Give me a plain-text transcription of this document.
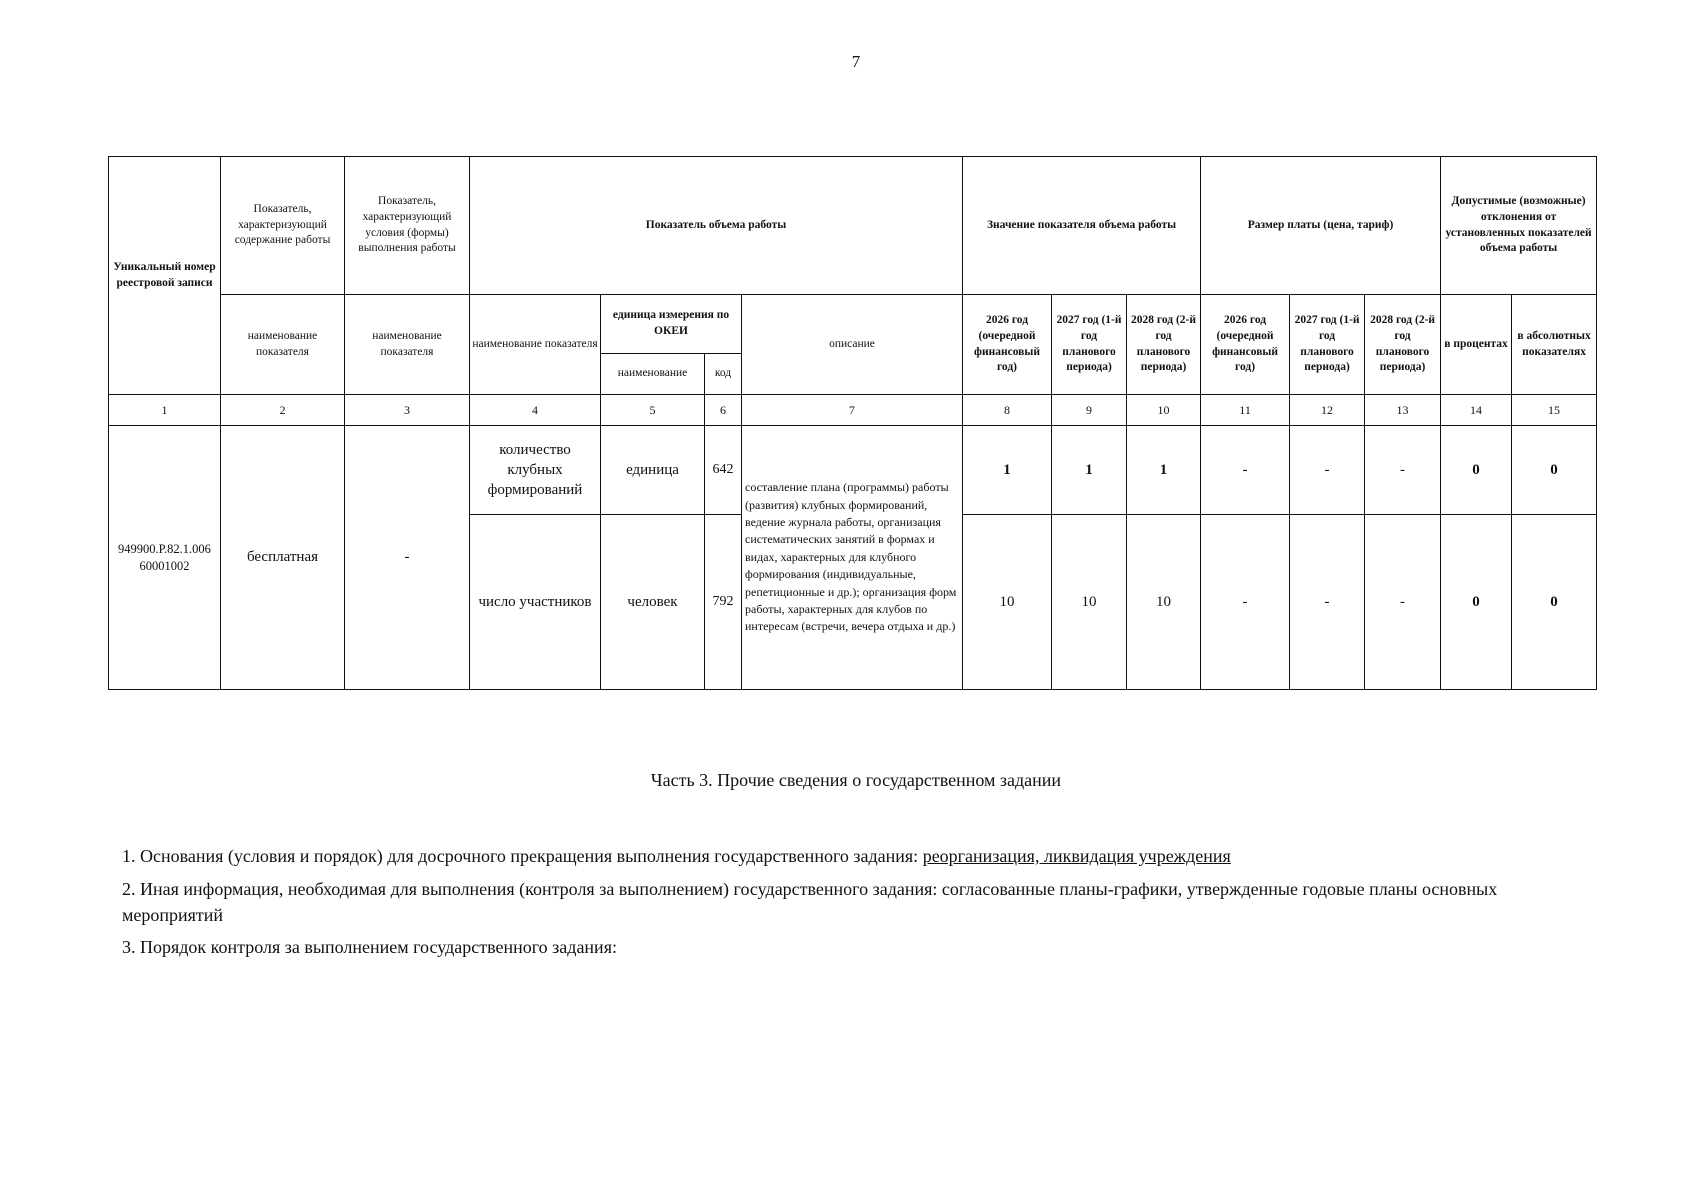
7
Уникальный номер реестровой записи	Показатель, характеризующий содержание работы	Показатель, характеризующий условия (формы) выполнения работы	Показатель объема работы				Значение показателя объема работы			Размер платы (цена, тариф)			Допустимые (возможные) отклонения от установленных показателей объема работы	
	наименование показателя	наименование показателя	наименование показателя	единица измерения по ОКЕИ		описание	2026 год (очередной финансовый год)	2027 год (1-й год планового периода)	2028 год (2-й год планового периода)	2026 год (очередной финансовый год)	2027 год (1-й год планового периода)	2028 год (2-й год планового периода)	в процентах	в абсолютных показателях
				наименование	код									
1	2	3	4	5	6	7	8	9	10	11	12	13	14	15
949900.Р.82.1.006 60001002	бесплатная	-	количество клубных формирований	единица	642	составление плана (программы) работы (развития) клубных формирований, ведение журнала работы, организация систематических занятий в формах и видах, характерных для клубного формирования (индивидуальные, репетиционные и др.); организация форм работы, характерных для клубов по интересам (встречи, вечера отдыха и др.)	1	1	1	-	-	-	0	0
			число участников	человек	792		10	10	10	-	-	-	0	0
Часть 3. Прочие сведения о государственном задании
1. Основания (условия и порядок) для досрочного прекращения выполнения государственного задания: реорганизация, ликвидация учреждения
2. Иная информация, необходимая для выполнения (контроля за выполнением) государственного задания: согласованные планы-графики, утвержденные годовые планы основных мероприятий
3. Порядок контроля за выполнением государственного задания:
